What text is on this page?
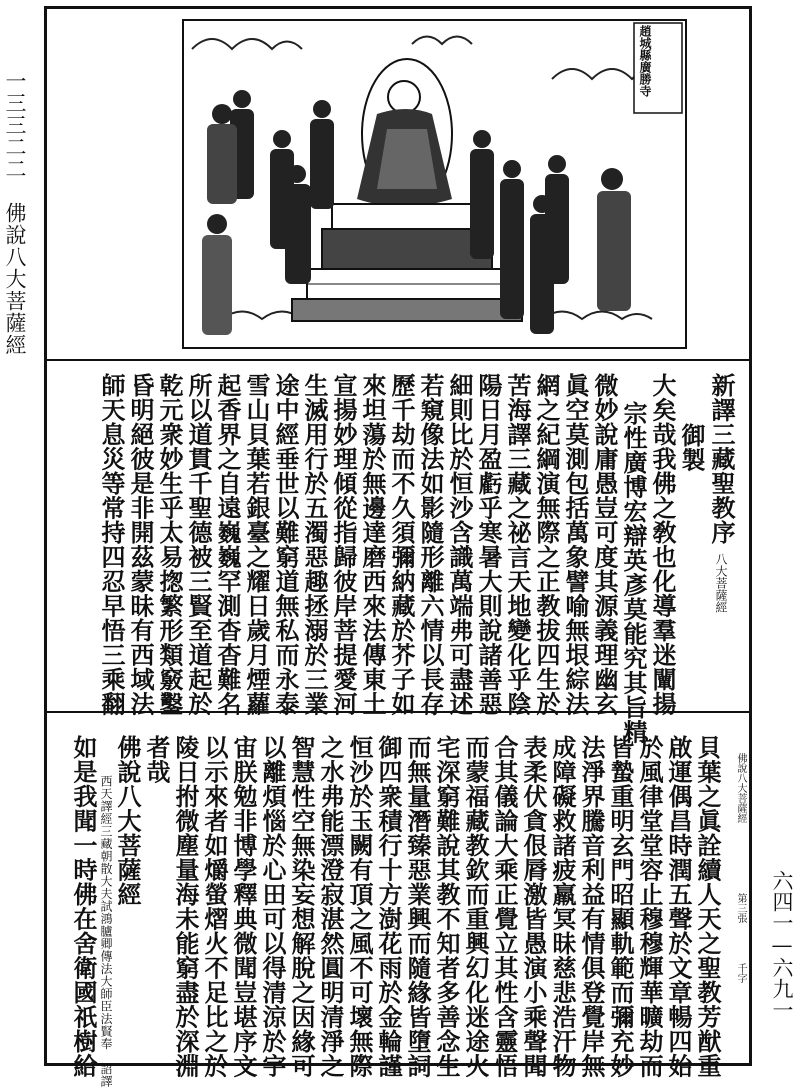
一三三二二　佛說八大菩薩經
六四一—六九一
趙城縣廣勝寺
新譯三藏聖教序八大菩薩經
御製
大矣哉我佛之敎也化導羣迷闡揚
宗性廣博宏辯英彥莫能究其旨精
微妙說庸愚豈可度其源義理幽玄
眞空莫測包括萬象譬喻無垠綜法
網之紀綱演無際之正教拔四生於
苦海譯三藏之祕言天地變化乎陰
陽日月盈虧乎寒暑大則說諸善惡
細則比於恒沙含識萬端弗可盡述
若窺像法如影隨形離六情以長存
歷千劫而不久須彌納藏於芥子如
來坦蕩於無邊達磨西來法傳東土
宣揚妙理傾從指歸彼岸菩提愛河
生滅用行於五濁惡趣拯溺於三業
途中經垂世以難窮道無私而永泰
雪山貝葉若銀臺之耀日歲月煙蘿
起香界之自遠巍巍罕測杳杳難名
所以道貫千聖德被三賢至道起於
乾元衆妙生乎太易揔繁形類竅鑿
昏明絕彼是非開茲蒙昧有西域法
師天息災等常持四忍早悟三乘翻
佛說八大菩薩經
第三張
千字
貝葉之眞詮續人天之聖教芳猷重
啟運偶昌時潤五聲於文章暢四始
於風律堂堂容止穆穆輝華曠劫而
皆蟄重明玄門昭顯軌範而彌充妙
法淨界騰音利益有情俱登覺岸無
成障礙救諸疲羸冥昧慈悲浩汗物
表柔伏貪佷脣激皆愚演小乘聲聞
合其儀論大乘正覺立其性含靈悟
而蒙福藏教欽而重興幻化迷途火
宅深窮難說其教不知者多善念生
而無量潛臻惡業興而隨緣皆墮詞
御四衆積行十方澍花雨於金輪謹
恒沙於玉闕有頂之風不可壞無際
之水弗能漂澄寂湛然圓明清淨之
智慧性空無染妄想解脫之因緣可
以離煩惱於心田可以得清涼於宇
宙朕勉非博學釋典微聞豈堪序文
以示來者如爝螢熠火不足比之於
陵日拊微塵量海未能窮盡於深淵
者哉
佛說八大菩薩經
西天譯經三藏朝散大夫試鴻臚卿傳法大師臣法賢奉　詔譯
如是我聞一時佛在舍衛國祇樹給
